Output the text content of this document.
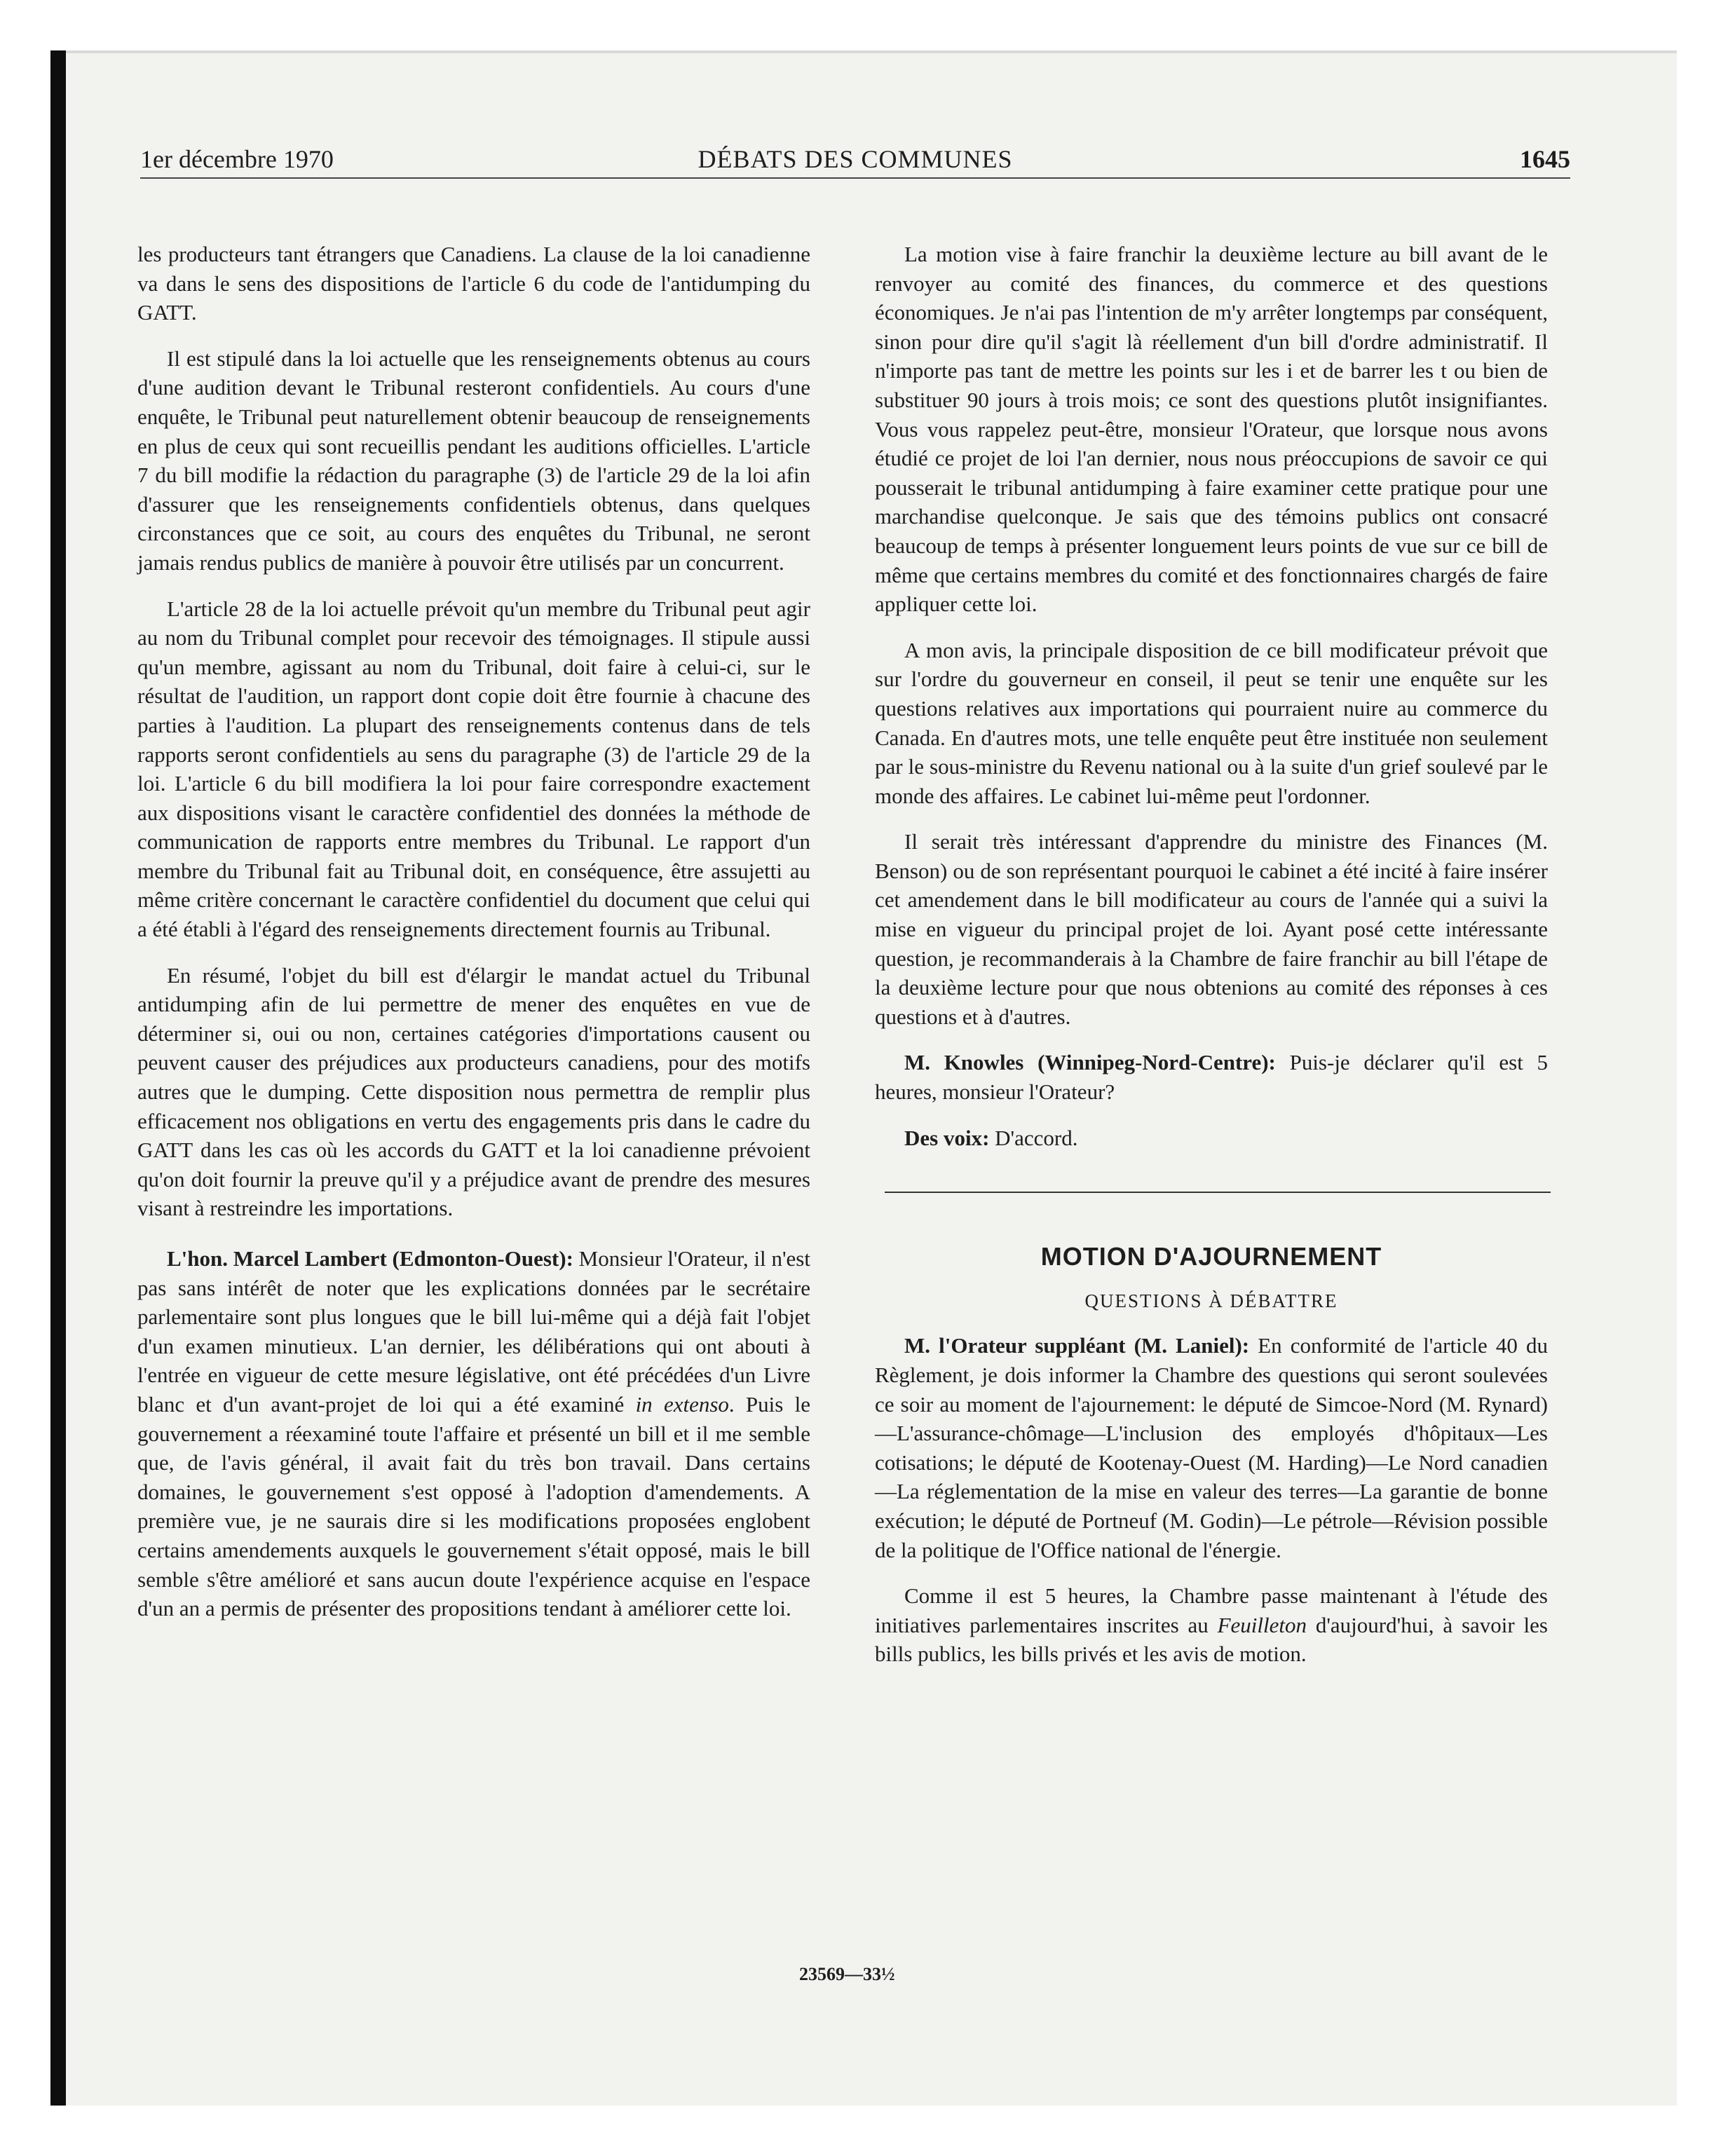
1er décembre 1970	DÉBATS DES COMMUNES	1645

les producteurs tant étrangers que Canadiens. La clause de la loi canadienne va dans le sens des dispositions de l'article 6 du code de l'antidumping du GATT.

Il est stipulé dans la loi actuelle que les renseignements obtenus au cours d'une audition devant le Tribunal resteront confidentiels. Au cours d'une enquête, le Tribunal peut naturellement obtenir beaucoup de renseignements en plus de ceux qui sont recueillis pendant les auditions officielles. L'article 7 du bill modifie la rédaction du paragraphe (3) de l'article 29 de la loi afin d'assurer que les renseignements confidentiels obtenus, dans quelques circonstances que ce soit, au cours des enquêtes du Tribunal, ne seront jamais rendus publics de manière à pouvoir être utilisés par un concurrent.

L'article 28 de la loi actuelle prévoit qu'un membre du Tribunal peut agir au nom du Tribunal complet pour recevoir des témoignages. Il stipule aussi qu'un membre, agissant au nom du Tribunal, doit faire à celui-ci, sur le résultat de l'audition, un rapport dont copie doit être fournie à chacune des parties à l'audition. La plupart des renseignements contenus dans de tels rapports seront confidentiels au sens du paragraphe (3) de l'article 29 de la loi. L'article 6 du bill modifiera la loi pour faire correspondre exactement aux dispositions visant le caractère confidentiel des données la méthode de communication de rapports entre membres du Tribunal. Le rapport d'un membre du Tribunal fait au Tribunal doit, en conséquence, être assujetti au même critère concernant le caractère confidentiel du document que celui qui a été établi à l'égard des renseignements directement fournis au Tribunal.

En résumé, l'objet du bill est d'élargir le mandat actuel du Tribunal antidumping afin de lui permettre de mener des enquêtes en vue de déterminer si, oui ou non, certaines catégories d'importations causent ou peuvent causer des préjudices aux producteurs canadiens, pour des motifs autres que le dumping. Cette disposition nous permettra de remplir plus efficacement nos obligations en vertu des engagements pris dans le cadre du GATT dans les cas où les accords du GATT et la loi canadienne prévoient qu'on doit fournir la preuve qu'il y a préjudice avant de prendre des mesures visant à restreindre les importations.

L'hon. Marcel Lambert (Edmonton-Ouest): Monsieur l'Orateur, il n'est pas sans intérêt de noter que les explications données par le secrétaire parlementaire sont plus longues que le bill lui-même qui a déjà fait l'objet d'un examen minutieux. L'an dernier, les délibérations qui ont abouti à l'entrée en vigueur de cette mesure législative, ont été précédées d'un Livre blanc et d'un avant-projet de loi qui a été examiné in extenso. Puis le gouvernement a réexaminé toute l'affaire et présenté un bill et il me semble que, de l'avis général, il avait fait du très bon travail. Dans certains domaines, le gouvernement s'est opposé à l'adoption d'amendements. A première vue, je ne saurais dire si les modifications proposées englobent certains amendements auxquels le gouvernement s'était opposé, mais le bill semble s'être amélioré et sans aucun doute l'expérience acquise en l'espace d'un an a permis de présenter des propositions tendant à améliorer cette loi.

La motion vise à faire franchir la deuxième lecture au bill avant de le renvoyer au comité des finances, du commerce et des questions économiques. Je n'ai pas l'intention de m'y arrêter longtemps par conséquent, sinon pour dire qu'il s'agit là réellement d'un bill d'ordre administratif. Il n'importe pas tant de mettre les points sur les i et de barrer les t ou bien de substituer 90 jours à trois mois; ce sont des questions plutôt insignifiantes. Vous vous rappelez peut-être, monsieur l'Orateur, que lorsque nous avons étudié ce projet de loi l'an dernier, nous nous préoccupions de savoir ce qui pousserait le tribunal antidumping à faire examiner cette pratique pour une marchandise quelconque. Je sais que des témoins publics ont consacré beaucoup de temps à présenter longuement leurs points de vue sur ce bill de même que certains membres du comité et des fonctionnaires chargés de faire appliquer cette loi.

A mon avis, la principale disposition de ce bill modificateur prévoit que sur l'ordre du gouverneur en conseil, il peut se tenir une enquête sur les questions relatives aux importations qui pourraient nuire au commerce du Canada. En d'autres mots, une telle enquête peut être instituée non seulement par le sous-ministre du Revenu national ou à la suite d'un grief soulevé par le monde des affaires. Le cabinet lui-même peut l'ordonner.

Il serait très intéressant d'apprendre du ministre des Finances (M. Benson) ou de son représentant pourquoi le cabinet a été incité à faire insérer cet amendement dans le bill modificateur au cours de l'année qui a suivi la mise en vigueur du principal projet de loi. Ayant posé cette intéressante question, je recommanderais à la Chambre de faire franchir au bill l'étape de la deuxième lecture pour que nous obtenions au comité des réponses à ces questions et à d'autres.

M. Knowles (Winnipeg-Nord-Centre): Puis-je déclarer qu'il est 5 heures, monsieur l'Orateur?

Des voix: D'accord.

MOTION D'AJOURNEMENT
QUESTIONS À DÉBATTRE

M. l'Orateur suppléant (M. Laniel): En conformité de l'article 40 du Règlement, je dois informer la Chambre des questions qui seront soulevées ce soir au moment de l'ajournement: le député de Simcoe-Nord (M. Rynard)—L'assurance-chômage—L'inclusion des employés d'hôpitaux—Les cotisations; le député de Kootenay-Ouest (M. Harding)—Le Nord canadien—La réglementation de la mise en valeur des terres—La garantie de bonne exécution; le député de Portneuf (M. Godin)—Le pétrole—Révision possible de la politique de l'Office national de l'énergie.

Comme il est 5 heures, la Chambre passe maintenant à l'étude des initiatives parlementaires inscrites au Feuilleton d'aujourd'hui, à savoir les bills publics, les bills privés et les avis de motion.

23569—33½
